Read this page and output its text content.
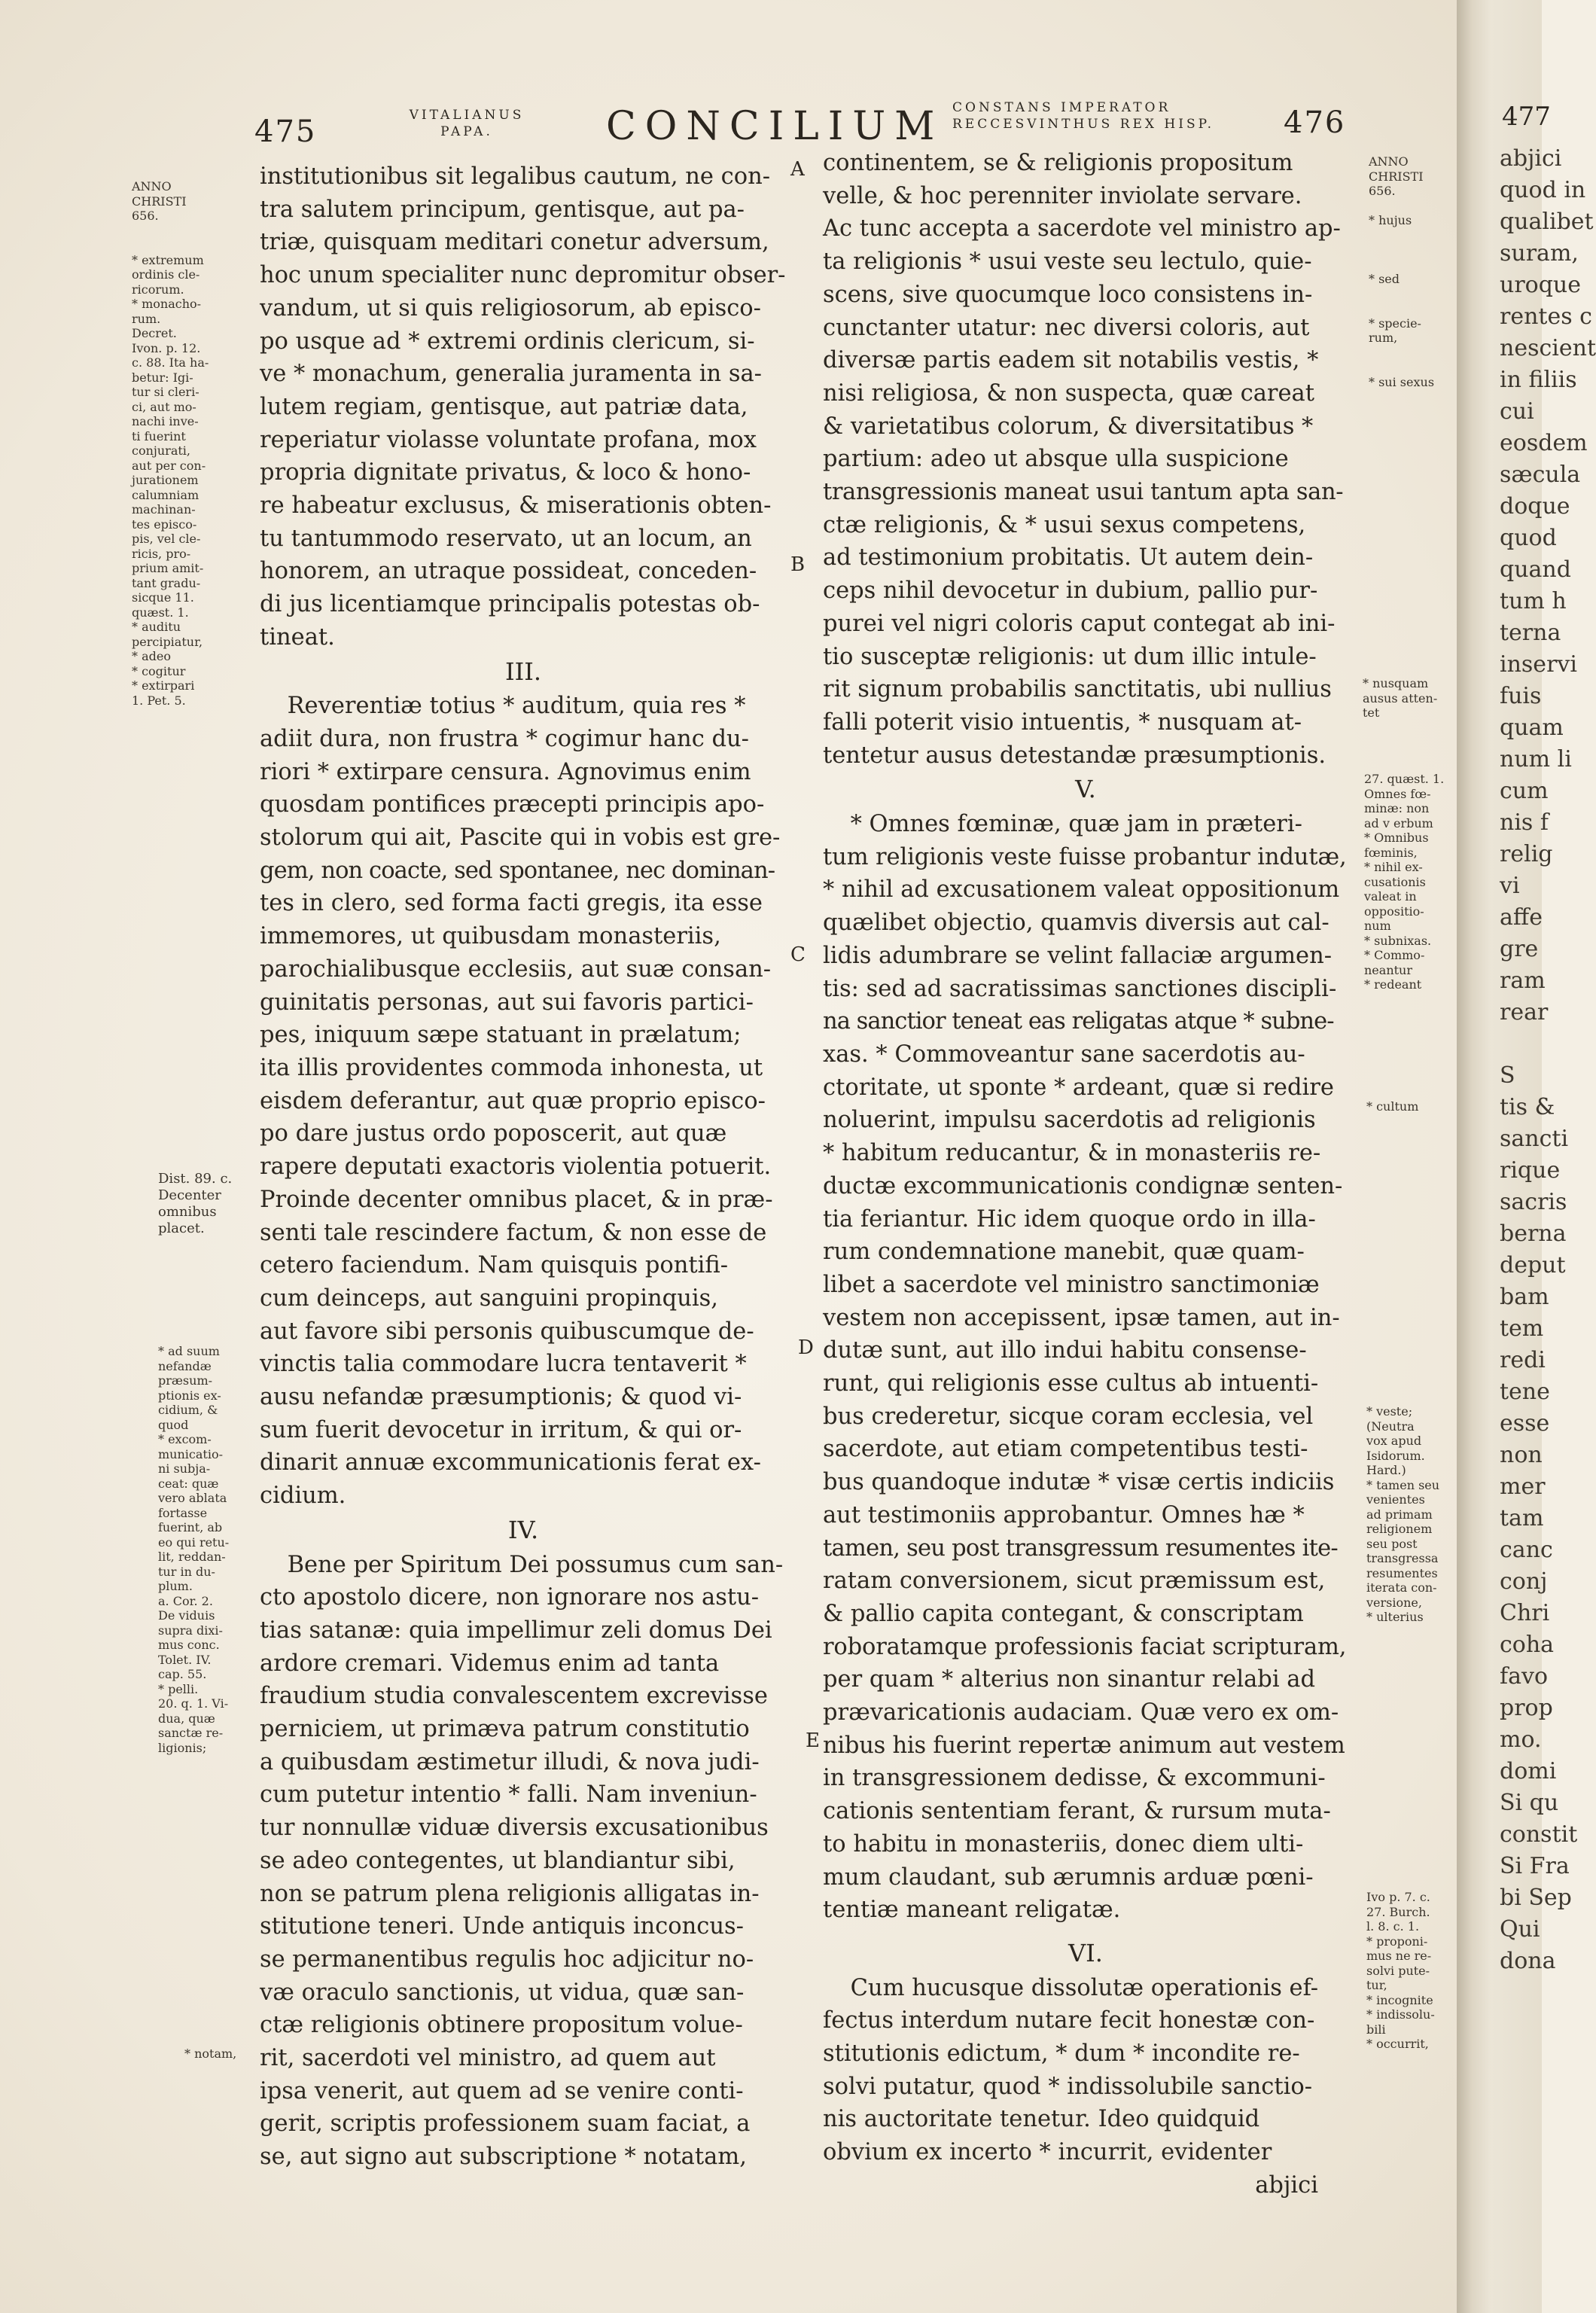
475	VITALIANUS
PAPA.	CONCILIUM CONSTANS IMPERATOR
RECCESVINTHUS REX HISP.	476	477
ANNO
CHRISTI
656.

* extremum
ordinis cle-
ricorum.
* monacho-
rum.
Decret.
Ivon. p. 12.
c. 88. Ita ha-
betur: Igi-
tur si cleri-
ci, aut mo-
nachi inve-
ti fuerint
conjurati,
aut per con-
jurationem
calumniam
machinan-
tes episco-
pis, vel cle-
ricis, pro-
prium amit-
tant gradu-
sicque 11.
quæst. 1.
* auditu
percipiatur,
* adeo
* cogitur
* extirpari
1. Pet. 5.
Dist. 89. c.
Decenter
omnibus
placet.
* ad suum
nefandæ
præsum-
ptionis ex-
cidium, &
quod
* excom-
municatio-
ni subja-
ceat: quæ
vero ablata
fortasse
fuerint, ab
eo qui retu-
lit, reddan-
tur in du-
plum.
a. Cor. 2.
De viduis
supra dixi-
mus conc.
Tolet. IV.
cap. 55.
* pelli.
20. q. 1. Vi-
dua, quæ
sanctæ re-
ligionis;
* notam,
institutionibus sit legalibus cautum, ne con-
tra salutem principum, gentisque, aut pa-
triæ, quisquam meditari conetur adversum,
hoc unum specialiter nunc depromitur obser-
vandum, ut si quis religiosorum, ab episco-
po usque ad * extremi ordinis clericum, si-
ve * monachum, generalia juramenta in sa-
lutem regiam, gentisque, aut patriæ data,
reperiatur violasse voluntate profana, mox
propria dignitate privatus, & loco & hono-
re habeatur exclusus, & miserationis obten-
tu tantummodo reservato, ut an locum, an
honorem, an utraque possideat, conceden-
di jus licentiamque principalis potestas ob-
tineat.
III.
Reverentiæ totius * auditum, quia res *
adiit dura, non frustra * cogimur hanc du-
riori * extirpare censura. Agnovimus enim
quosdam pontifices præcepti principis apo-
stolorum qui ait, Pascite qui in vobis est gre-
gem, non coacte, sed spontanee, nec dominan-
tes in clero, sed forma facti gregis, ita esse
immemores, ut quibusdam monasteriis,
parochialibusque ecclesiis, aut suæ consan-
guinitatis personas, aut sui favoris partici-
pes, iniquum sæpe statuant in prælatum;
ita illis providentes commoda inhonesta, ut
eisdem deferantur, aut quæ proprio episco-
po dare justus ordo poposcerit, aut quæ
rapere deputati exactoris violentia potuerit.
Proinde decenter omnibus placet, & in præ-
senti tale rescindere factum, & non esse de
cetero faciendum. Nam quisquis pontifi-
cum deinceps, aut sanguini propinquis,
aut favore sibi personis quibuscumque de-
vinctis talia commodare lucra tentaverit *
ausu nefandæ præsumptionis; & quod vi-
sum fuerit devocetur in irritum, & qui or-
dinarit annuæ excommunicationis ferat ex-
cidium.
IV.
Bene per Spiritum Dei possumus cum san-
cto apostolo dicere, non ignorare nos astu-
tias satanæ: quia impellimur zeli domus Dei
ardore cremari. Videmus enim ad tanta
fraudium studia convalescentem excrevisse
perniciem, ut primæva patrum constitutio
a quibusdam æstimetur illudi, & nova judi-
cum putetur intentio * falli. Nam inveniun-
tur nonnullæ viduæ diversis excusationibus
se adeo contegentes, ut blandiantur sibi,
non se patrum plena religionis alligatas in-
stitutione teneri. Unde antiquis inconcus-
se permanentibus regulis hoc adjicitur no-
væ oraculo sanctionis, ut vidua, quæ san-
ctæ religionis obtinere propositum volue-
rit, sacerdoti vel ministro, ad quem aut
ipsa venerit, aut quem ad se venire conti-
gerit, scriptis professionem suam faciat, a
se, aut signo aut subscriptione * notatam,
A
B
C
D
E
continentem, se & religionis propositum
velle, & hoc perenniter inviolate servare.
Ac tunc accepta a sacerdote vel ministro ap-
ta religionis * usui veste seu lectulo, quie-
scens, sive quocumque loco consistens in-
cunctanter utatur: nec diversi coloris, aut
diversæ partis eadem sit notabilis vestis, *
nisi religiosa, & non suspecta, quæ careat
& varietatibus colorum, & diversitatibus *
partium: adeo ut absque ulla suspicione
transgressionis maneat usui tantum apta san-
ctæ religionis, & * usui sexus competens,
ad testimonium probitatis. Ut autem dein-
ceps nihil devocetur in dubium, pallio pur-
purei vel nigri coloris caput contegat ab ini-
tio susceptæ religionis: ut dum illic intule-
rit signum probabilis sanctitatis, ubi nullius
falli poterit visio intuentis, * nusquam at-
tentetur ausus detestandæ præsumptionis.
V.
* Omnes fœminæ, quæ jam in præteri-
tum religionis veste fuisse probantur indutæ,
* nihil ad excusationem valeat oppositionum
quælibet objectio, quamvis diversis aut cal-
lidis adumbrare se velint fallaciæ argumen-
tis: sed ad sacratissimas sanctiones discipli-
na sanctior teneat eas religatas atque * subne-
xas. * Commoveantur sane sacerdotis au-
ctoritate, ut sponte * ardeant, quæ si redire
noluerint, impulsu sacerdotis ad religionis
* habitum reducantur, & in monasteriis re-
ductæ excommunicationis condignæ senten-
tia feriantur. Hic idem quoque ordo in illa-
rum condemnatione manebit, quæ quam-
libet a sacerdote vel ministro sanctimoniæ
vestem non accepissent, ipsæ tamen, aut in-
dutæ sunt, aut illo indui habitu consense-
runt, qui religionis esse cultus ab intuenti-
bus crederetur, sicque coram ecclesia, vel
sacerdote, aut etiam competentibus testi-
bus quandoque indutæ * visæ certis indiciis
aut testimoniis approbantur. Omnes hæ *
tamen, seu post transgressum resumentes ite-
ratam conversionem, sicut præmissum est,
& pallio capita contegant, & conscriptam
roboratamque professionis faciat scripturam,
per quam * alterius non sinantur relabi ad
prævaricationis audaciam. Quæ vero ex om-
nibus his fuerint repertæ animum aut vestem
in transgressionem dedisse, & excommuni-
cationis sententiam ferant, & rursum muta-
to habitu in monasteriis, donec diem ulti-
mum claudant, sub ærumnis arduæ pœni-
tentiæ maneant religatæ.
VI.
Cum hucusque dissolutæ operationis ef-
fectus interdum nutare fecit honestæ con-
stitutionis edictum, * dum * incondite re-
solvi putatur, quod * indissolubile sanctio-
nis auctoritate tenetur. Ideo quidquid
obvium ex incerto * incurrit, evidenter
abjici
ANNO
CHRISTI
656.

* hujus

* sed

* specie-
rum,

* sui sexus
* nusquam
ausus atten-
tet
27. quæst. 1.
Omnes fœ-
minæ: non
ad v erbum
* Omnibus
fœminis,
* nihil ex-
cusationis
valeat in
oppositio-
num
* subnixas.
* Commo-
neantur
* redeant
* cultum
* veste;
(Neutra
vox apud
Isidorum.
Hard.)
* tamen seu
venientes
ad primam
religionem
seu post
transgressa
resumentes
iterata con-
versione,
* ulterius
Ivo p. 7. c.
27. Burch.
l. 8. c. 1.
* proponi-
mus ne re-
solvi pute-
tur,
* incognite
* indissolu-
bili
* occurrit,
abjici
quod in
qualibet
suram,
uroque
rentes c
nescient
in filiis
cui
eosdem
sæcula
doque
quod
quand
tum h
terna
inservi
fuis
quam
num li
cum
nis f
relig
vi
affe
gre
ram
rear

S
tis &
sancti
rique
sacris
berna
deput
bam
tem
redi
tene
esse
non
mer
tam
canc
conj
Chri
coha
favo
prop
mo.
domi
Si qu
constit
Si Fra
bi Sep
Qui
dona
